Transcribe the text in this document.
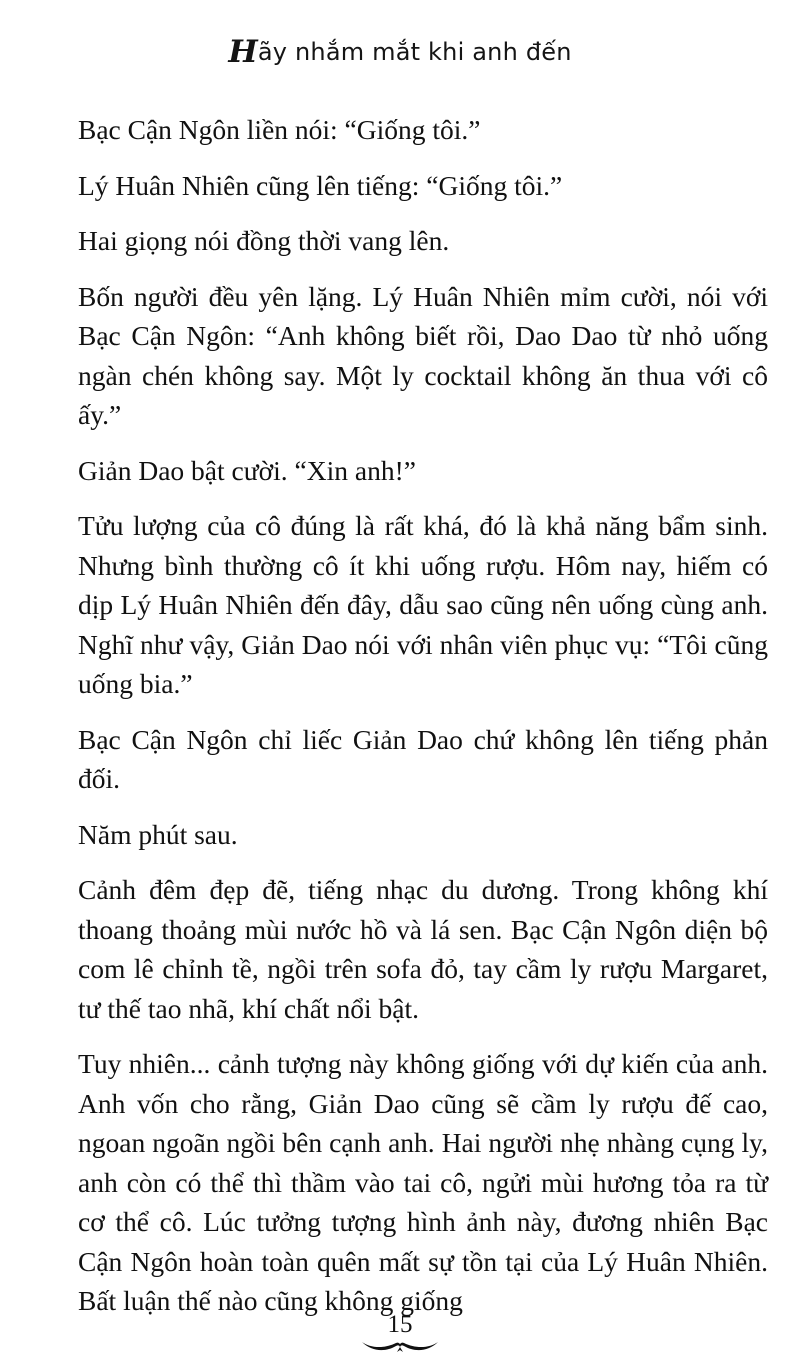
Hãy nhắm mắt khi anh đến

Bạc Cận Ngôn liền nói: “Giống tôi.”

Lý Huân Nhiên cũng lên tiếng: “Giống tôi.”

Hai giọng nói đồng thời vang lên.

Bốn người đều yên lặng. Lý Huân Nhiên mỉm cười, nói với Bạc Cận Ngôn: “Anh không biết rồi, Dao Dao từ nhỏ uống ngàn chén không say. Một ly cocktail không ăn thua với cô ấy.”

Giản Dao bật cười. “Xin anh!”

Tửu lượng của cô đúng là rất khá, đó là khả năng bẩm sinh. Nhưng bình thường cô ít khi uống rượu. Hôm nay, hiếm có dịp Lý Huân Nhiên đến đây, dẫu sao cũng nên uống cùng anh. Nghĩ như vậy, Giản Dao nói với nhân viên phục vụ: “Tôi cũng uống bia.”

Bạc Cận Ngôn chỉ liếc Giản Dao chứ không lên tiếng phản đối.

Năm phút sau.

Cảnh đêm đẹp đẽ, tiếng nhạc du dương. Trong không khí thoang thoảng mùi nước hồ và lá sen. Bạc Cận Ngôn diện bộ com lê chỉnh tề, ngồi trên sofa đỏ, tay cầm ly rượu Margaret, tư thế tao nhã, khí chất nổi bật.

Tuy nhiên... cảnh tượng này không giống với dự kiến của anh. Anh vốn cho rằng, Giản Dao cũng sẽ cầm ly rượu đế cao, ngoan ngoãn ngồi bên cạnh anh. Hai người nhẹ nhàng cụng ly, anh còn có thể thì thầm vào tai cô, ngửi mùi hương tỏa ra từ cơ thể cô. Lúc tưởng tượng hình ảnh này, đương nhiên Bạc Cận Ngôn hoàn toàn quên mất sự tồn tại của Lý Huân Nhiên. Bất luận thế nào cũng không giống

15
